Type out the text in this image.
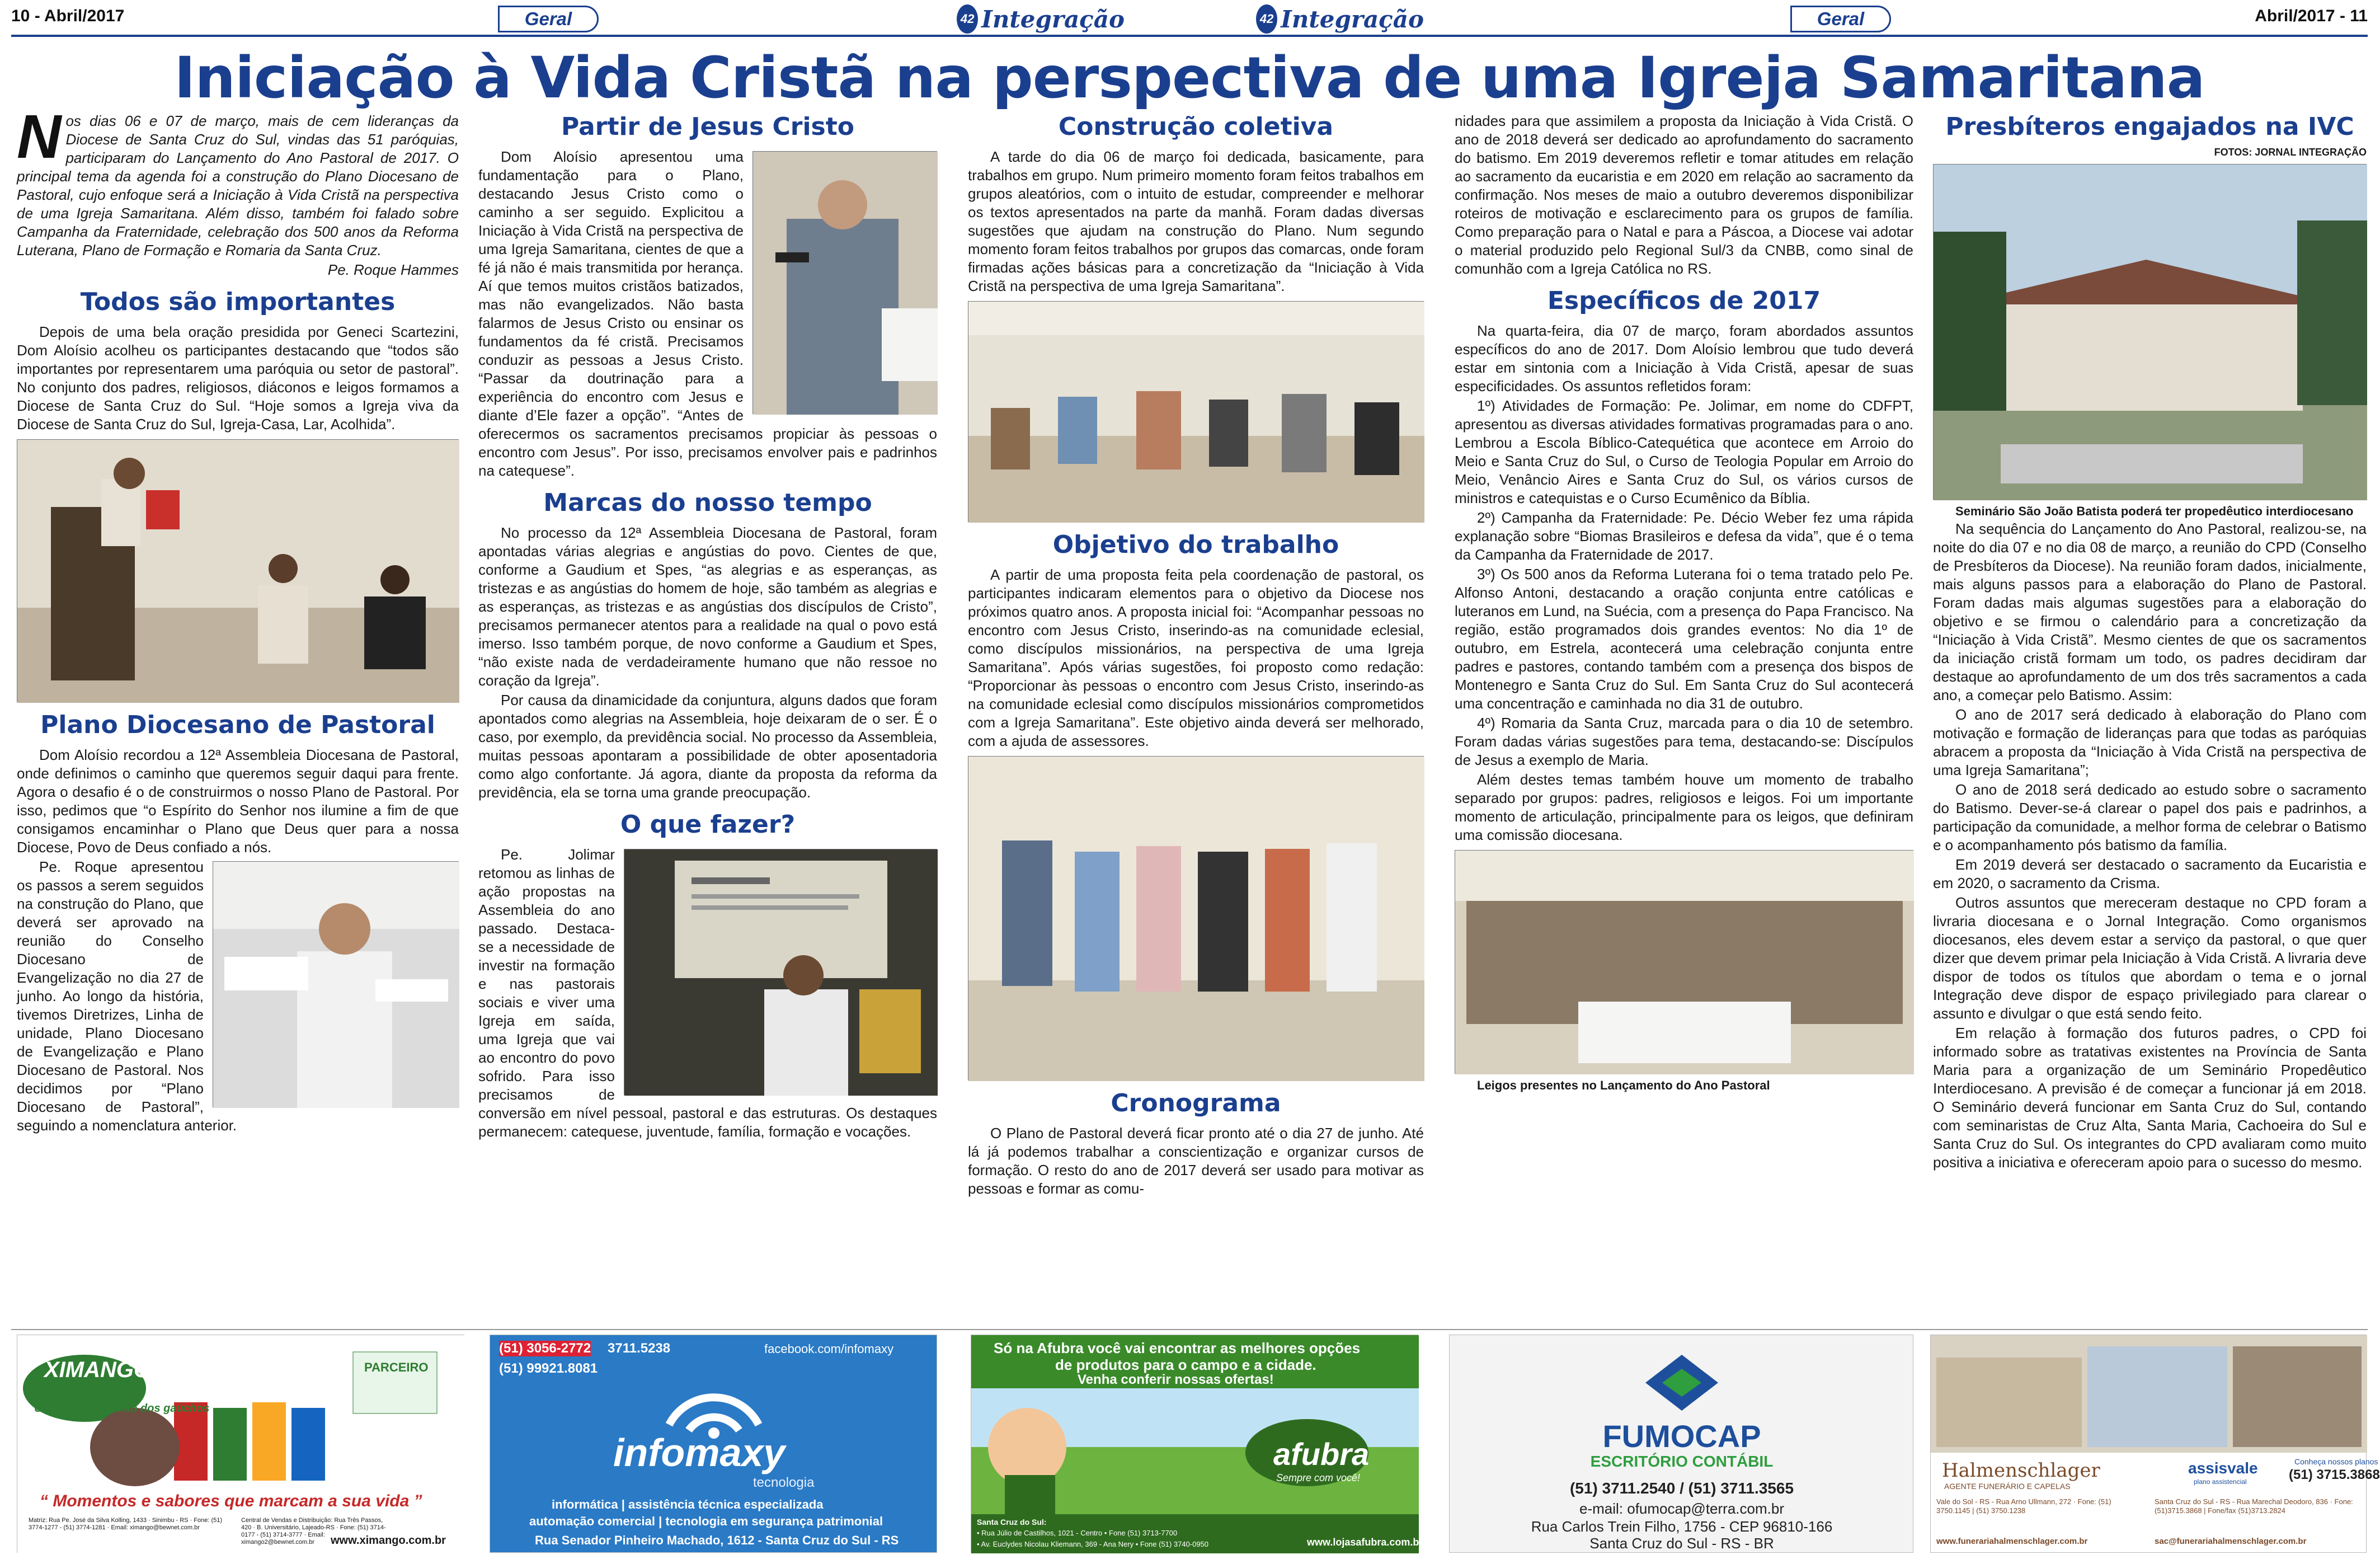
10 - Abril/2017	Abril/2017 - 11
Geral	Geral
42 Integração	42 Integração
Iniciação à Vida Cristã na perspectiva de uma Igreja Samaritana

Nos dias 06 e 07 de março, mais de cem lideranças da Diocese de Santa Cruz do Sul, vindas das 51 paróquias, participaram do Lançamento do Ano Pastoral de 2017. O principal tema da agenda foi a construção do Plano Diocesano de Pastoral, cujo enfoque será a Iniciação à Vida Cristã na perspectiva de uma Igreja Samaritana. Além disso, também foi falado sobre Campanha da Fraternidade, celebração dos 500 anos da Reforma Luterana, Plano de Formação e Romaria da Santa Cruz.

Pe. Roque Hammes

Todos são importantes

Depois de uma bela oração presidida por Geneci Scartezini, Dom Aloísio acolheu os participantes destacando que “todos são importantes por representarem uma paróquia ou setor de pastoral”. No conjunto dos padres, religiosos, diáconos e leigos formamos a Diocese de Santa Cruz do Sul. “Hoje somos a Igreja viva da Diocese de Santa Cruz do Sul, Igreja-Casa, Lar, Acolhida”.

Plano Diocesano de Pastoral

Dom Aloísio recordou a 12ª Assembleia Diocesana de Pastoral, onde definimos o caminho que queremos seguir daqui para frente. Agora o desafio é o de construirmos o nosso Plano de Pastoral. Por isso, pedimos que “o Espírito do Senhor nos ilumine a fim de que consigamos encaminhar o Plano que Deus quer para a nossa Diocese, Povo de Deus confiado a nós.

Pe. Roque apresentou os passos a serem seguidos na construção do Plano, que deverá ser aprovado na reunião do Conselho Diocesano de Evangelização no dia 27 de junho. Ao longo da história, tivemos Diretrizes, Linha de unidade, Plano Diocesano de Evangelização e Plano Diocesano de Pastoral. Nos decidimos por “Plano Diocesano de Pastoral”, seguindo a nomenclatura anterior.

Partir de Jesus Cristo

Dom Aloísio apresentou uma fundamentação para o Plano, destacando Jesus Cristo como o caminho a ser seguido. Explicitou a Iniciação à Vida Cristã na perspectiva de uma Igreja Samaritana, cientes de que a fé já não é mais transmitida por herança. Aí que temos muitos cristãos batizados, mas não evangelizados. Não basta falarmos de Jesus Cristo ou ensinar os fundamentos da fé cristã. Precisamos conduzir as pessoas a Jesus Cristo. “Passar da doutrinação para a experiência do encontro com Jesus e diante d’Ele fazer a opção”. “Antes de oferecermos os sacramentos precisamos propiciar às pessoas o encontro com Jesus”. Por isso, precisamos envolver pais e padrinhos na catequese”.

Marcas do nosso tempo

No processo da 12ª Assembleia Diocesana de Pastoral, foram apontadas várias alegrias e angústias do povo. Cientes de que, conforme a Gaudium et Spes, “as alegrias e as esperanças, as tristezas e as angústias do homem de hoje, são também as alegrias e as esperanças, as tristezas e as angústias dos discípulos de Cristo”, precisamos permanecer atentos para a realidade na qual o povo está imerso. Isso também porque, de novo conforme a Gaudium et Spes, “não existe nada de verdadeiramente humano que não ressoe no coração da Igreja”.

Por causa da dinamicidade da conjuntura, alguns dados que foram apontados como alegrias na Assembleia, hoje deixaram de o ser. É o caso, por exemplo, da previdência social. No processo da Assembleia, muitas pessoas apontaram a possibilidade de obter aposentadoria como algo confortante. Já agora, diante da proposta da reforma da previdência, ela se torna uma grande preocupação.

O que fazer?

Pe. Jolimar retomou as linhas de ação propostas na Assembleia do ano passado. Destaca-se a necessidade de investir na formação e nas pastorais sociais e viver uma Igreja em saída, uma Igreja que vai ao encontro do povo sofrido. Para isso precisamos de conversão em nível pessoal, pastoral e das estruturas. Os destaques permanecem: catequese, juventude, família, formação e vocações.

Construção coletiva

A tarde do dia 06 de março foi dedicada, basicamente, para trabalhos em grupo. Num primeiro momento foram feitos trabalhos em grupos aleatórios, com o intuito de estudar, compreender e melhorar os textos apresentados na parte da manhã. Foram dadas diversas sugestões que ajudam na construção do Plano. Num segundo momento foram feitos trabalhos por grupos das comarcas, onde foram firmadas ações básicas para a concretização da “Iniciação à Vida Cristã na perspectiva de uma Igreja Samaritana”.

Objetivo do trabalho

A partir de uma proposta feita pela coordenação de pastoral, os participantes indicaram elementos para o objetivo da Diocese nos próximos quatro anos. A proposta inicial foi: “Acompanhar pessoas no encontro com Jesus Cristo, inserindo-as na comunidade eclesial, como discípulos missionários, na perspectiva de uma Igreja Samaritana”. Após várias sugestões, foi proposto como redação: “Proporcionar às pessoas o encontro com Jesus Cristo, inserindo-as na comunidade eclesial como discípulos missionários comprometidos com a Igreja Samaritana”. Este objetivo ainda deverá ser melhorado, com a ajuda de assessores.

Cronograma

O Plano de Pastoral deverá ficar pronto até o dia 27 de junho. Até lá já podemos trabalhar a conscientização e organizar cursos de formação. O resto do ano de 2017 deverá ser usado para motivar as pessoas e formar as comu-

nidades para que assimilem a proposta da Iniciação à Vida Cristã. O ano de 2018 deverá ser dedicado ao aprofundamento do sacramento do batismo. Em 2019 deveremos refletir e tomar atitudes em relação ao sacramento da eucaristia e em 2020 em relação ao sacramento da confirmação. Nos meses de maio a outubro deveremos disponibilizar roteiros de motivação e esclarecimento para os grupos de família. Como preparação para o Natal e para a Páscoa, a Diocese vai adotar o material produzido pelo Regional Sul/3 da CNBB, como sinal de comunhão com a Igreja Católica no RS.

Específicos de 2017

Na quarta-feira, dia 07 de março, foram abordados assuntos específicos do ano de 2017. Dom Aloísio lembrou que tudo deverá estar em sintonia com a Iniciação à Vida Cristã, apesar de suas especificidades. Os assuntos refletidos foram:

1º) Atividades de Formação: Pe. Jolimar, em nome do CDFPT, apresentou as diversas atividades formativas programadas para o ano. Lembrou a Escola Bíblico-Catequética que acontece em Arroio do Meio e Santa Cruz do Sul, o Curso de Teologia Popular em Arroio do Meio, Venâncio Aires e Santa Cruz do Sul, os vários cursos de ministros e catequistas e o Curso Ecumênico da Bíblia.

2º) Campanha da Fraternidade: Pe. Décio Weber fez uma rápida explanação sobre “Biomas Brasileiros e defesa da vida”, que é o tema da Campanha da Fraternidade de 2017.

3º) Os 500 anos da Reforma Luterana foi o tema tratado pelo Pe. Alfonso Antoni, destacando a oração conjunta entre católicas e luteranos em Lund, na Suécia, com a presença do Papa Francisco. Na região, estão programados dois grandes eventos: No dia 1º de outubro, em Estrela, acontecerá uma celebração conjunta entre padres e pastores, contando também com a presença dos bispos de Montenegro e Santa Cruz do Sul. Em Santa Cruz do Sul acontecerá uma concentração e caminhada no dia 31 de outubro.

4º) Romaria da Santa Cruz, marcada para o dia 10 de setembro. Foram dadas várias sugestões para tema, destacando-se: Discípulos de Jesus a exemplo de Maria.

Além destes temas também houve um momento de trabalho separado por grupos: padres, religiosos e leigos. Foi um importante momento de articulação, principalmente para os leigos, que definiram uma comissão diocesana.

Leigos presentes no Lançamento do Ano Pastoral

Presbíteros engajados na IVC
FOTOS: JORNAL INTEGRAÇÃO

Seminário São João Batista poderá ter propedêutico interdiocesano

Na sequência do Lançamento do Ano Pastoral, realizou-se, na noite do dia 07 e no dia 08 de março, a reunião do CPD (Conselho de Presbíteros da Diocese). Na reunião foram dados, inicialmente, mais alguns passos para a elaboração do Plano de Pastoral. Foram dadas mais algumas sugestões para a elaboração do objetivo e se firmou o calendário para a concretização da “Iniciação à Vida Cristã”. Mesmo cientes de que os sacramentos da iniciação cristã formam um todo, os padres decidiram dar destaque ao aprofundamento de um dos três sacramentos a cada ano, a começar pelo Batismo. Assim:

O ano de 2017 será dedicado à elaboração do Plano com motivação e formação de lideranças para que todas as paróquias abracem a proposta da “Iniciação à Vida Cristã na perspectiva de uma Igreja Samaritana”;

O ano de 2018 será dedicado ao estudo sobre o sacramento do Batismo. Dever-se-á clarear o papel dos pais e padrinhos, a participação da comunidade, a melhor forma de celebrar o Batismo e o acompanhamento pós batismo da família.

Em 2019 deverá ser destacado o sacramento da Eucaristia e em 2020, o sacramento da Crisma.

Outros assuntos que mereceram destaque no CPD foram a livraria diocesana e o Jornal Integração. Como organismos diocesanos, eles devem estar a serviço da pastoral, o que quer dizer que devem primar pela Iniciação à Vida Cristã. A livraria deve dispor de todos os títulos que abordam o tema e o jornal Integração deve dispor de espaço privilegiado para clarear o assunto e divulgar o que está sendo feito.

Em relação à formação dos futuros padres, o CPD foi informado sobre as tratativas existentes na Província de Santa Maria para a organização de um Seminário Propedêutico Interdiocesano. A previsão é de começar a funcionar já em 2018. O Seminário deverá funcionar em Santa Cruz do Sul, contando com seminaristas de Cruz Alta, Santa Maria, Cachoeira do Sul e Santa Cruz do Sul. Os integrantes do CPD avaliaram como muito positiva a iniciativa e ofereceram apoio para o sucesso do mesmo.

XIMANGO
Uma grande paixão dos gaúchos
PARCEIRO
“ Momentos e sabores que marcam a sua vida ”
Matriz: Rua Pe. José da Silva Kolling, 1433 · Sinimbu - RS · Fone: (51) 3774-1277 - (51) 3774-1281 · Email: ximango@bewnet.com.br
Central de Vendas e Distribuição: Rua Três Passos, 420 · B. Universitário, Lajeado-RS · Fone: (51) 3714-0177 - (51) 3714-3777 · Email: ximango2@bewnet.com.br	www.ximango.com.br
(51) 3056-2772 3711.5238
(51) 99921.8081
facebook.com/infomaxy
infomaxy
tecnologia
informática | assistência técnica especializada
automação comercial | tecnologia em segurança patrimonial
Rua Senador Pinheiro Machado, 1612 - Santa Cruz do Sul - RS
Só na Afubra você vai encontrar as melhores opções
de produtos para o campo e a cidade.
Venha conferir nossas ofertas!
afubra
Sempre com você!
Santa Cruz do Sul:
• Rua Júlio de Castilhos, 1021 - Centro • Fone (51) 3713-7700
• Av. Euclydes Nicolau Kliemann, 369 - Ana Nery • Fone (51) 3740-0950	www.lojasafubra.com.br
FUMOCAP
ESCRITÓRIO CONTÁBIL
(51) 3711.2540 / (51) 3711.3565
e-mail: ofumocap@terra.com.br
Rua Carlos Trein Filho, 1756 - CEP 96810-166
Santa Cruz do Sul - RS - BR
Halmenschlager
AGENTE FUNERÁRIO E CAPELAS
assisvale
plano assistencial
Conheça nossos planos
(51) 3715.3868
Vale do Sol - RS - Rua Arno Ullmann, 272 · Fone: (51) 3750.1145 | (51) 3750.1238
Santa Cruz do Sul - RS - Rua Marechal Deodoro, 836 · Fone: (51)3715.3868 | Fone/fax (51)3713.2824
www.funerariahalmenschlager.com.br	sac@funerariahalmenschlager.com.br
